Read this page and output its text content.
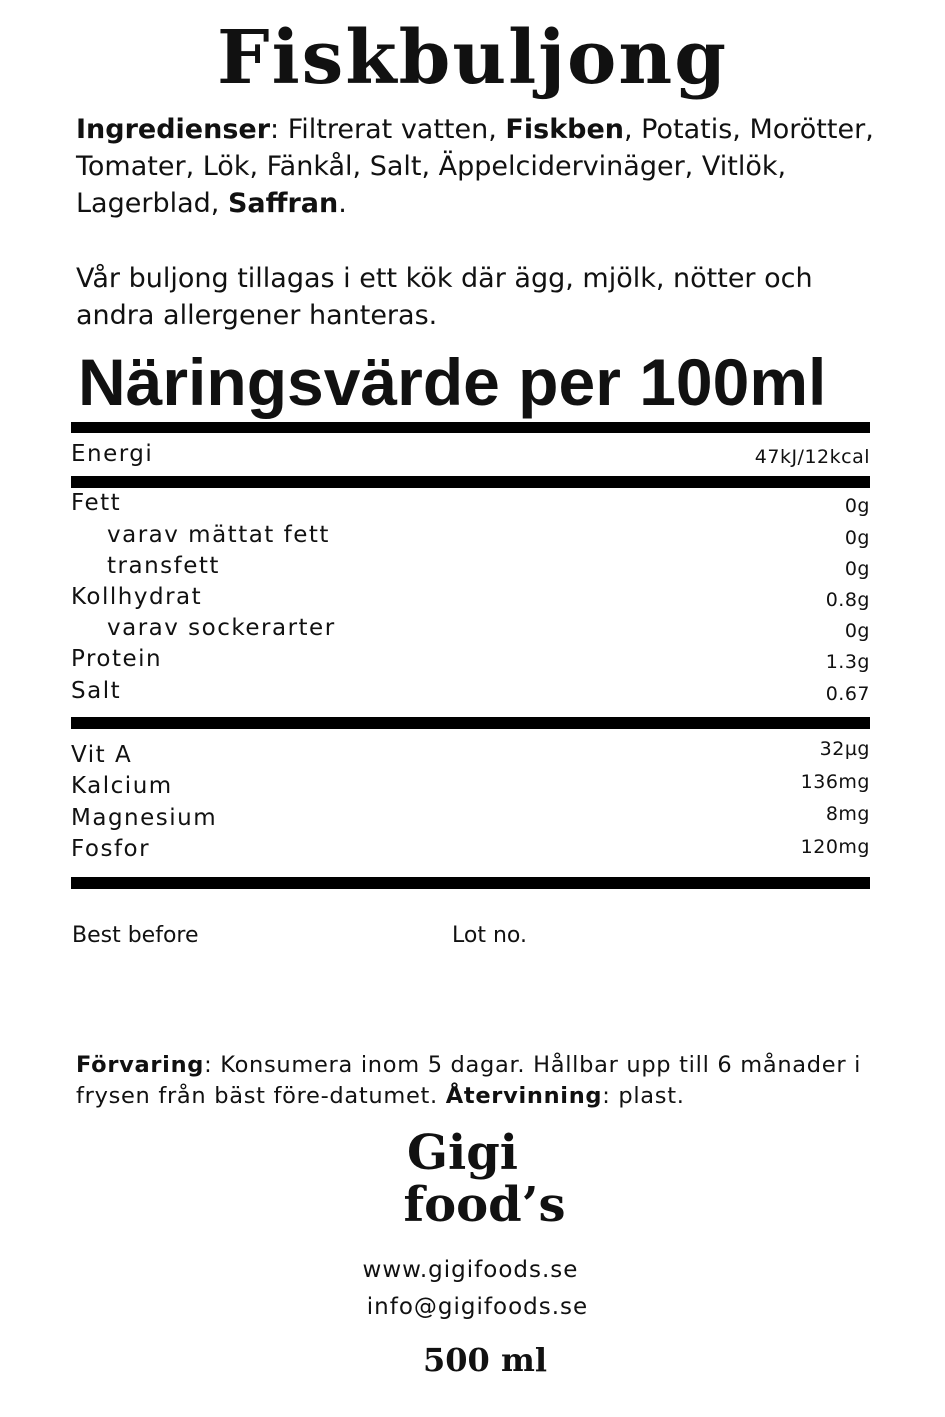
Fiskbuljong
Ingredienser: Filtrerat vatten, Fiskben, Potatis, Morötter, Tomater, Lök, Fänkål, Salt, Äppelcidervinäger, Vitlök, Lagerblad, Saffran.
Vår buljong tillagas i ett kök där ägg, mjölk, nötter och andra allergener hanteras.
Näringsvärde per 100ml
Energi	47kJ/12kcal
Fett	0g
varav mättat fett	0g
transfett	0g
Kollhydrat	0.8g
varav sockerarter	0g
Protein	1.3g
Salt	0.67
Vit A	32µg
Kalcium	136mg
Magnesium	8mg
Fosfor	120mg
Best before	Lot no.
Förvaring: Konsumera inom 5 dagar. Hållbar upp till 6 månader i frysen från bäst före-datumet. Återvinning: plast.
Gigi
food’s
www.gigifoods.se
info@gigifoods.se
500 ml
